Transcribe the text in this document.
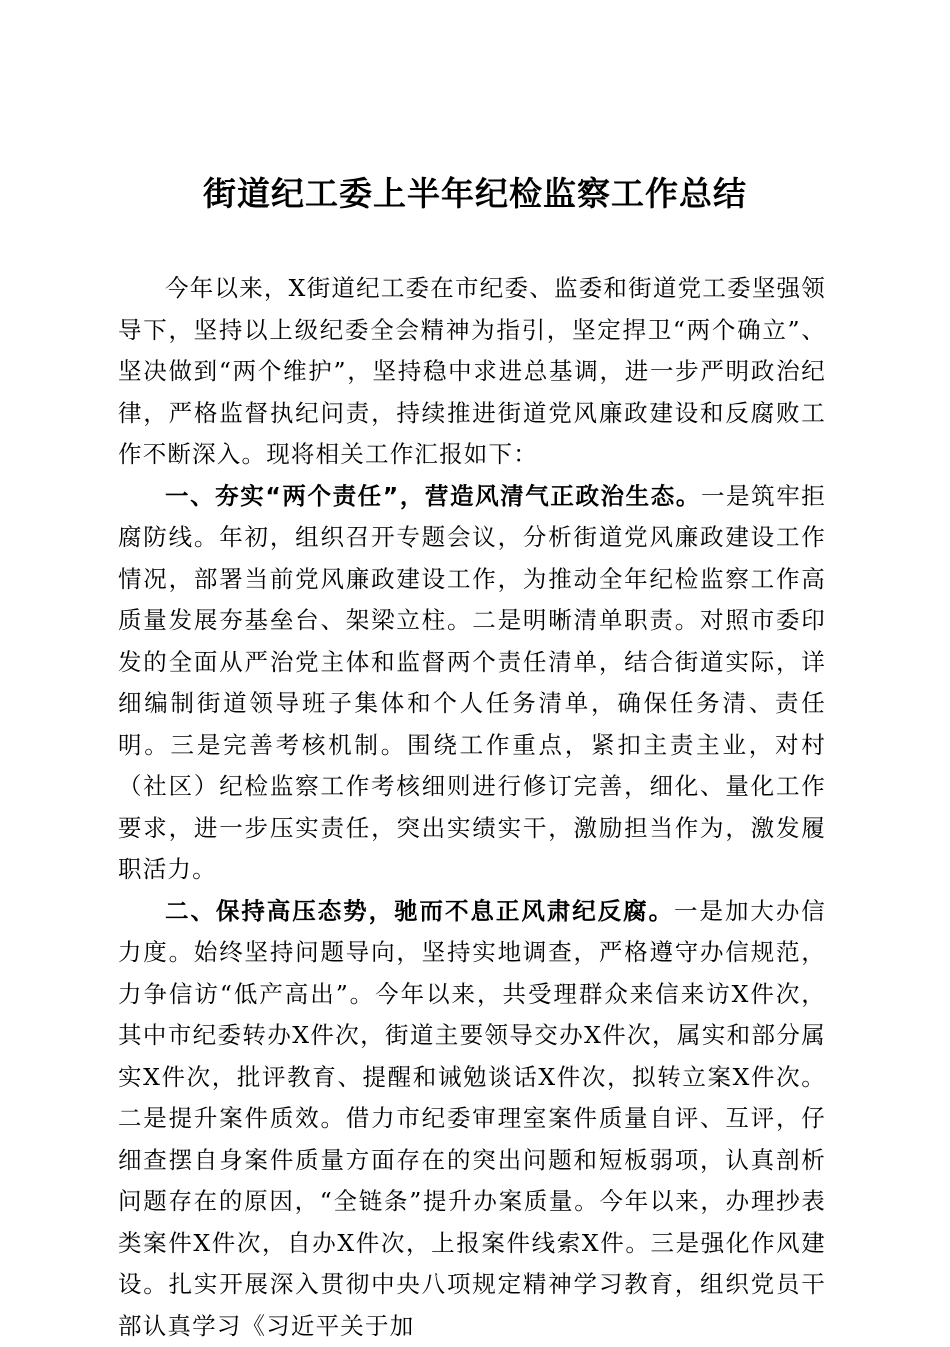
街道纪工委上半年纪检监察工作总结

今年以来，X街道纪工委在市纪委、监委和街道党工委坚强领导下，坚持以上级纪委全会精神为指引，坚定捍卫“两个确立”、坚决做到“两个维护”，坚持稳中求进总基调，进一步严明政治纪律，严格监督执纪问责，持续推进街道党风廉政建设和反腐败工作不断深入。现将相关工作汇报如下：

一、夯实“两个责任”，营造风清气正政治生态。一是筑牢拒腐防线。年初，组织召开专题会议，分析街道党风廉政建设工作情况，部署当前党风廉政建设工作，为推动全年纪检监察工作高质量发展夯基垒台、架梁立柱。二是明晰清单职责。对照市委印发的全面从严治党主体和监督两个责任清单，结合街道实际，详细编制街道领导班子集体和个人任务清单，确保任务清、责任明。三是完善考核机制。围绕工作重点，紧扣主责主业，对村（社区）纪检监察工作考核细则进行修订完善，细化、量化工作要求，进一步压实责任，突出实绩实干，激励担当作为，激发履职活力。

二、保持高压态势，驰而不息正风肃纪反腐。一是加大办信力度。始终坚持问题导向，坚持实地调查，严格遵守办信规范，力争信访“低产高出”。今年以来，共受理群众来信来访X件次，其中市纪委转办X件次，街道主要领导交办X件次，属实和部分属实X件次，批评教育、提醒和诫勉谈话X件次，拟转立案X件次。二是提升案件质效。借力市纪委审理室案件质量自评、互评，仔细查摆自身案件质量方面存在的突出问题和短板弱项，认真剖析问题存在的原因，“全链条”提升办案质量。今年以来，办理抄表类案件X件次，自办X件次，上报案件线索X件。三是强化作风建设。扎实开展深入贯彻中央八项规定精神学习教育，组织党员干部认真学习《习近平关于加
